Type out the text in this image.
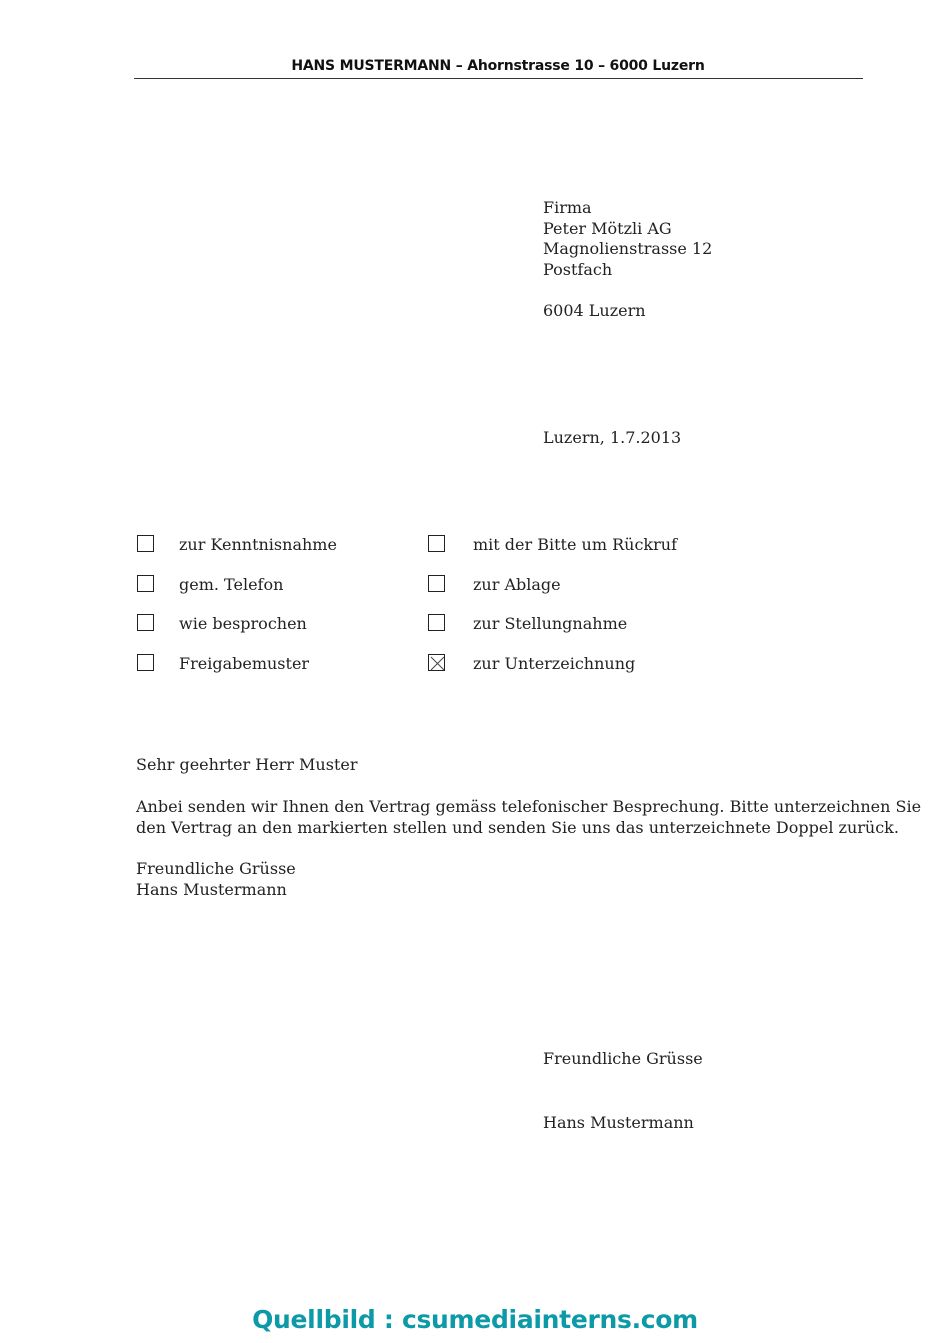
HANS MUSTERMANN – Ahornstrasse 10 – 6000 Luzern
Firma
Peter Mötzli AG
Magnolienstrasse 12
Postfach

6004 Luzern
Luzern, 1.7.2013
zur Kenntnisnahme
gem. Telefon
wie besprochen
Freigabemuster
mit der Bitte um Rückruf
zur Ablage
zur Stellungnahme
zur Unterzeichnung
Sehr geehrter Herr Muster
Anbei senden wir Ihnen den Vertrag gemäss telefonischer Besprechung. Bitte unterzeichnen Sie
den Vertrag an den markierten stellen und senden Sie uns das unterzeichnete Doppel zurück.
Freundliche Grüsse
Hans Mustermann
Freundliche Grüsse
Hans Mustermann
Quellbild : csumediainterns.com
